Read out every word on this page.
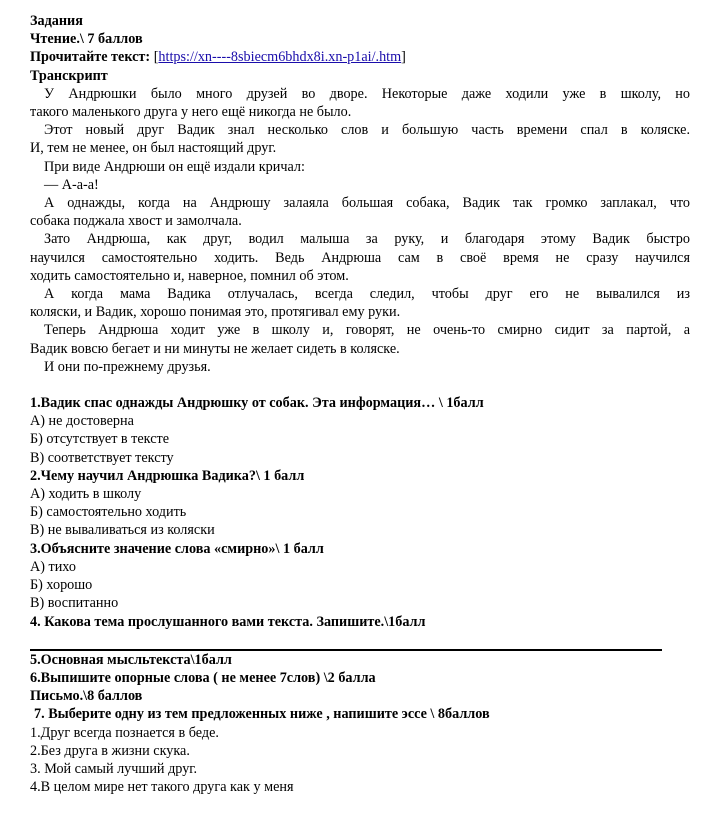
Задания
Чтение.\ 7 баллов
Прочитайте текст: [https://xn----8sbiecm6bhdx8i.xn-p1ai/.htm]
Транскрипт
У Андрюшки было много друзей во дворе. Некоторые даже ходили уже в школу, но
такого маленького друга у него ещё никогда не было.
Этот новый друг Вадик знал несколько слов и большую часть времени спал в коляске.
И, тем не менее, он был настоящий друг.
При виде Андрюши он ещё издали кричал:
— А-а-а!
А однажды, когда на Андрюшу залаяла большая собака, Вадик так громко заплакал, что
собака поджала хвост и замолчала.
Зато Андрюша, как друг, водил малыша за руку, и благодаря этому Вадик быстро
научился самостоятельно ходить. Ведь Андрюша сам в своё время не сразу научился
ходить самостоятельно и, наверное, помнил об этом.
А когда мама Вадика отлучалась, всегда следил, чтобы друг его не вывалился из
коляски, и Вадик, хорошо понимая это, протягивал ему руки.
Теперь Андрюша ходит уже в школу и, говорят, не очень-то смирно сидит за партой, а
Вадик вовсю бегает и ни минуты не желает сидеть в коляске.
И они по-прежнему друзья.
1.Вадик спас однажды Андрюшку от собак. Эта информация… \ 1балл
А) не достоверна
Б) отсутствует в тексте
В) соответствует тексту
2.Чему научил Андрюшка Вадика?\ 1 балл
А) ходить в школу
Б) самостоятельно ходить
В) не вываливаться из коляски
3.Объясните значение слова «смирно»\ 1 балл
А) тихо
Б) хорошо
В) воспитанно
4. Какова тема прослушанного вами текста. Запишите.\1балл
5.Основная мысльтекста\1балл
6.Выпишите опорные слова ( не менее 7слов) \2 балла
Письмо.\8 баллов
7. Выберите одну из тем предложенных ниже , напишите эссе \ 8баллов
1.Друг всегда познается в беде.
2.Без друга в жизни скука.
3. Мой самый лучший друг.
4.В целом мире нет такого друга как у меня
